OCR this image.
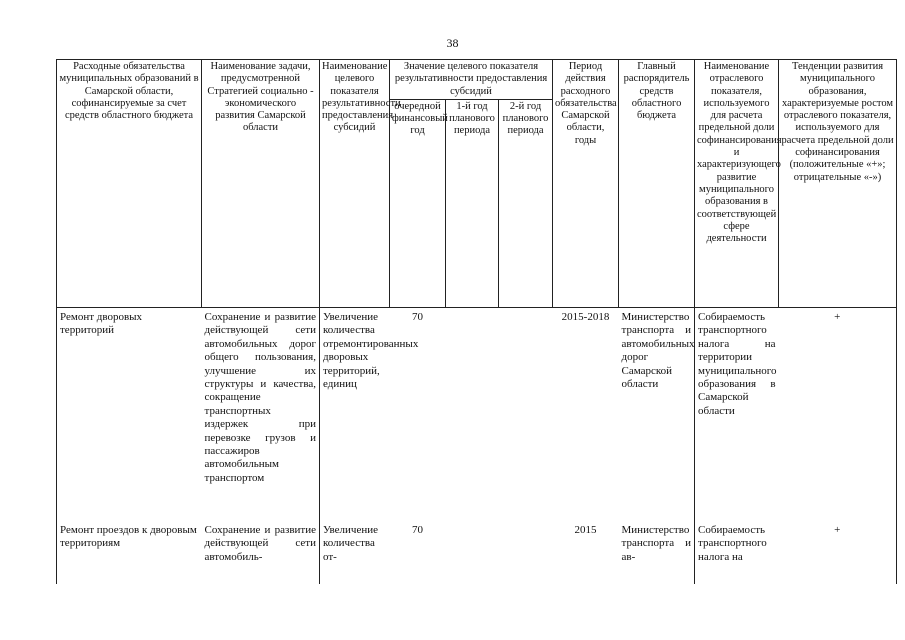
38
Расходные обязательства муниципальных образований в Самарской области, софинансируемые за счет средств областного бюджета	Наименование задачи, предусмотренной Стратегией социально - экономического развития Самарской области	Наименование целевого показателя результативности предоставления субсидий	Значение целевого показателя результативности предоставления субсидий			Период действия расходного обязательства Самарской области, годы	Главный распорядитель средств областного бюджета	Наименование отраслевого показателя, используемого для расчета предельной доли софинансирования и характеризующего развитие муниципального образования в соответствующей сфере деятельности	Тенденции развития муниципального образования, характеризуемые ростом отраслевого показателя, используемого для расчета предельной доли софинансирования (положительные «+»; отрицательные «-»)
			очередной финансовый год	1-й год планового периода	2-й год планового периода				
Ремонт дворовых территорий	Сохранение и развитие действующей сети автомобильных дорог общего пользования, улучшение их структуры и качества, сокращение транспортных издержек при перевозке грузов и пассажиров автомобильным транспортом	Увеличение количества отремонтированных дворовых территорий, единиц	70			2015-2018	Министерство транспорта и автомобильных дорог Самарской области	Собираемость транспортного налога на территории муниципального образования в Самарской области	+
Ремонт проездов к дворовым территориям	Сохранение и развитие действующей сети автомобиль-	Увеличение количества от-	70			2015	Министерство транспорта и ав-	Собираемость транспортного налога на	+
